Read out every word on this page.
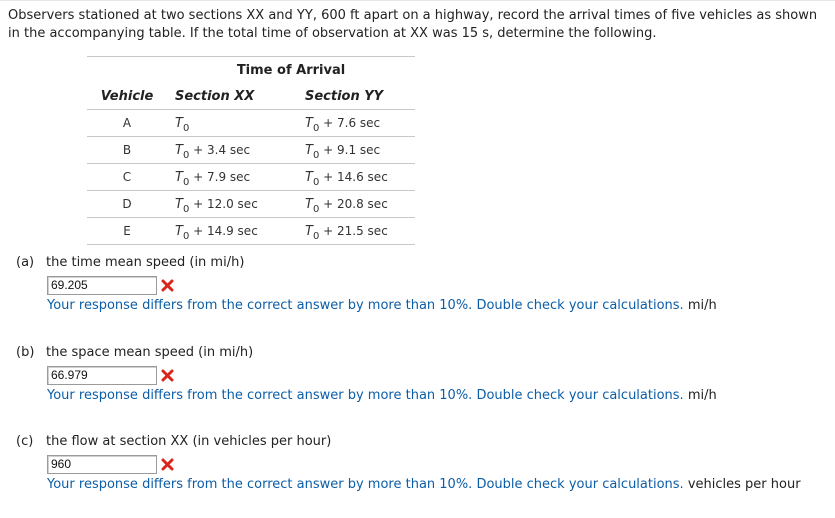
Observers stationed at two sections XX and YY, 600 ft apart on a highway, record the arrival times of five vehicles as shown in the accompanying table. If the total time of observation at XX was 15 s, determine the following.
	Time of Arrival	
Vehicle	Section XX	Section YY
A	$T_0$	$T_0 + 7.6$ sec
B	$T_0 + 3.4$ sec	$T_0 + 9.1$ sec
C	$T_0 + 7.9$ sec	$T_0 + 14.6$ sec
D	$T_0 + 12.0$ sec	$T_0 + 20.8$ sec
E	$T_0 + 14.9$ sec	$T_0 + 21.5$ sec
(a) the time mean speed (in mi/h)
69.205
Your response differs from the correct answer by more than 10%. Double check your calculations. mi/h
(b) the space mean speed (in mi/h)
66.979
Your response differs from the correct answer by more than 10%. Double check your calculations. mi/h
(c) the flow at section XX (in vehicles per hour)
960
Your response differs from the correct answer by more than 10%. Double check your calculations. vehicles per hour
